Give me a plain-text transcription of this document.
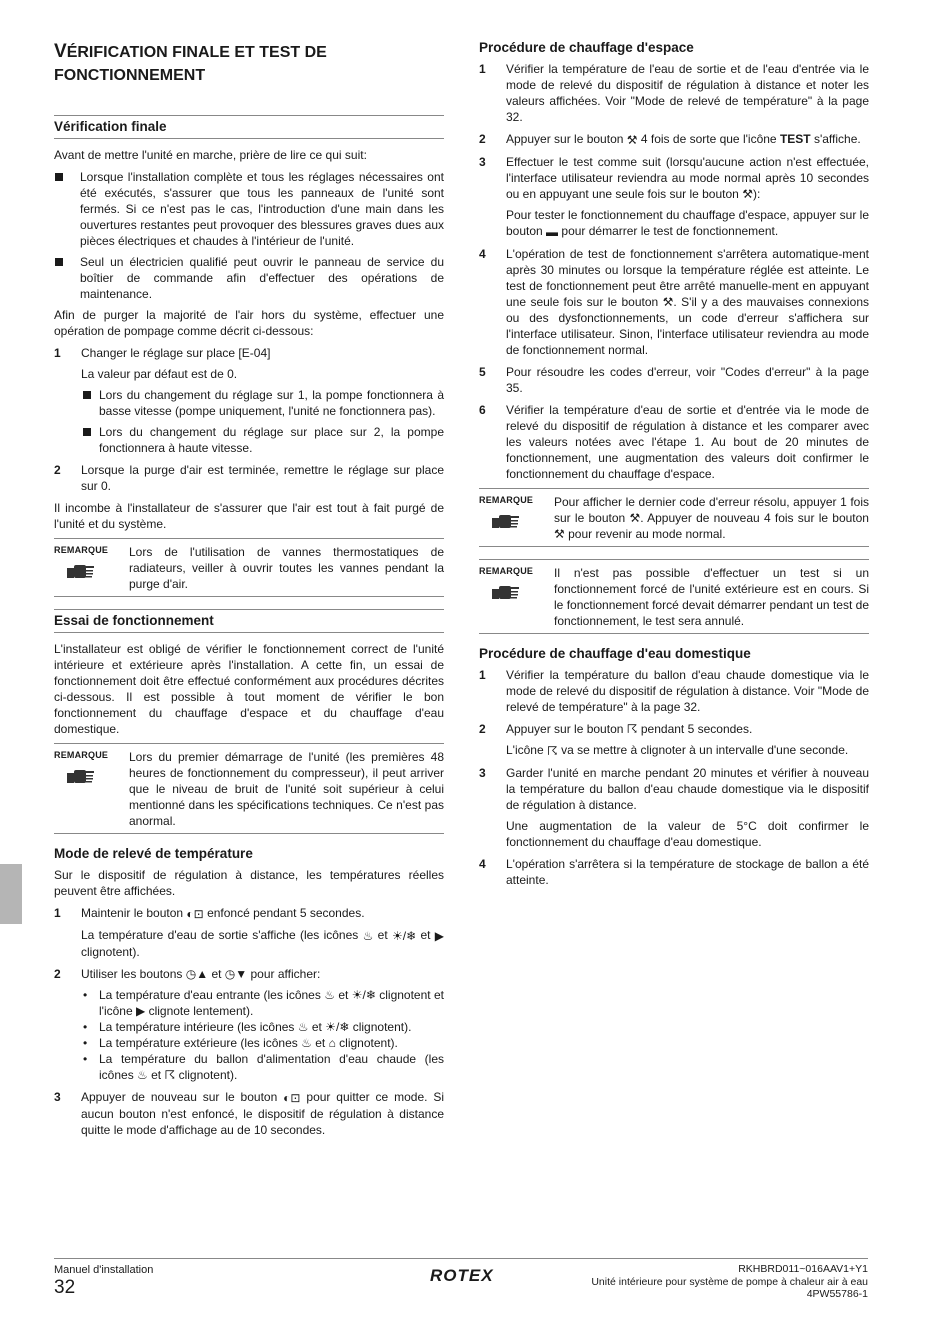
VÉRIFICATION FINALE ET TEST DE
FONCTIONNEMENT
Vérification finale

Avant de mettre l'unité en marche, prière de lire ce qui suit:

Lorsque l'installation complète et tous les réglages nécessaires ont été exécutés, s'assurer que tous les panneaux de l'unité sont fermés. Si ce n'est pas le cas, l'introduction d'une main dans les ouvertures restantes peut provoquer des blessures graves dues aux pièces électriques et chaudes à l'intérieur de l'unité.
Seul un électricien qualifié peut ouvrir le panneau de service du boîtier de commande afin d'effectuer des opérations de maintenance.

Afin de purger la majorité de l'air hors du système, effectuer une opération de pompage comme décrit ci-dessous:

1 Changer le réglage sur place [E-04]

La valeur par défaut est de 0.

Lors du changement du réglage sur 1, la pompe fonctionnera à basse vitesse (pompe uniquement, l'unité ne fonctionnera pas).
Lors du changement du réglage sur place sur 2, la pompe fonctionnera à haute vitesse.
2 Lorsque la purge d'air est terminée, remettre le réglage sur place sur 0.

Il incombe à l'installateur de s'assurer que l'air est tout à fait purgé de l'unité et du système.

REMARQUE	Lors de l'utilisation de vannes thermostatiques de radiateurs, veiller à ouvrir toutes les vannes pendant la purge d'air.
Essai de fonctionnement

L'installateur est obligé de vérifier le fonctionnement correct de l'unité intérieure et extérieure après l'installation. A cette fin, un essai de fonctionnement doit être effectué conformément aux procédures décrites ci-dessous. Il est possible à tout moment de vérifier le bon fonctionnement du chauffage d'espace et du chauffage d'eau domestique.

REMARQUE	Lors du premier démarrage de l'unité (les premières 48 heures de fonctionnement du compresseur), il peut arriver que le niveau de bruit de l'unité soit supérieur à celui mentionné dans les spécifications techniques. Ce n'est pas anormal.
Mode de relevé de température

Sur le dispositif de régulation à distance, les températures réelles peuvent être affichées.

1 Maintenir le bouton ◐⊡ enfoncé pendant 5 secondes.

La température d'eau de sortie s'affiche (les icônes ♨ et ☀/❄ et ▶ clignotent).

2 Utiliser les boutons ◷▲ et ◷▼ pour afficher:

• La température d'eau entrante (les icônes ♨ et ☀/❄ clignotent et l'icône ▶ clignote lentement).
• La température intérieure (les icônes ♨ et ☀/❄ clignotent).
• La température extérieure (les icônes ♨ et ⌂ clignotent).
• La température du ballon d'alimentation d'eau chaude (les icônes ♨ et ☈ clignotent).
3 Appuyer de nouveau sur le bouton ◐⊡ pour quitter ce mode. Si aucun bouton n'est enfoncé, le dispositif de régulation à distance quitte le mode d'affichage au de 10 secondes.

Procédure de chauffage d'espace
1 Vérifier la température de l'eau de sortie et de l'eau d'entrée via le mode de relevé du dispositif de régulation à distance et noter les valeurs affichées. Voir "Mode de relevé de température" à la page 32.

2 Appuyer sur le bouton ⚒ 4 fois de sorte que l'icône TEST s'affiche.

3 Effectuer le test comme suit (lorsqu'aucune action n'est effectuée, l'interface utilisateur reviendra au mode normal après 10 secondes ou en appuyant une seule fois sur le bouton ⚒):

Pour tester le fonctionnement du chauffage d'espace, appuyer sur le bouton ▬ pour démarrer le test de fonctionnement.

4 L'opération de test de fonctionnement s'arrêtera automatique-ment après 30 minutes ou lorsque la température réglée est atteinte. Le test de fonctionnement peut être arrêté manuelle-ment en appuyant une seule fois sur le bouton ⚒. S'il y a des mauvaises connexions ou des dysfonctionnements, un code d'erreur s'affichera sur l'interface utilisateur. Sinon, l'interface utilisateur reviendra au mode de fonctionnement normal.

5 Pour résoudre les codes d'erreur, voir "Codes d'erreur" à la page 35.

6 Vérifier la température d'eau de sortie et d'entrée via le mode de relevé du dispositif de régulation à distance et les comparer avec les valeurs notées avec l'étape 1. Au bout de 20 minutes de fonctionnement, une augmentation des valeurs doit confirmer le fonctionnement du chauffage d'espace.

REMARQUE	Pour afficher le dernier code d'erreur résolu, appuyer 1 fois sur le bouton ⚒. Appuyer de nouveau 4 fois sur le bouton ⚒ pour revenir au mode normal.
REMARQUE	Il n'est pas possible d'effectuer un test si un fonctionnement forcé de l'unité extérieure est en cours. Si le fonctionnement forcé devait démarrer pendant un test de fonctionnement, le test sera annulé.
Procédure de chauffage d'eau domestique
1 Vérifier la température du ballon d'eau chaude domestique via le mode de relevé du dispositif de régulation à distance. Voir "Mode de relevé de température" à la page 32.

2 Appuyer sur le bouton ☈ pendant 5 secondes.

L'icône ☈ va se mettre à clignoter à un intervalle d'une seconde.

3 Garder l'unité en marche pendant 20 minutes et vérifier à nouveau la température du ballon d'eau chaude domestique via le dispositif de régulation à distance.

Une augmentation de la valeur de 5°C doit confirmer le fonctionnement du chauffage d'eau domestique.

4 L'opération s'arrêtera si la température de stockage de ballon a été atteinte.

Manuel d'installation
32
ROTEX	RKHBRD011~016AAV1+Y1
Unité intérieure pour système de pompe à chaleur air à eau
4PW55786-1
